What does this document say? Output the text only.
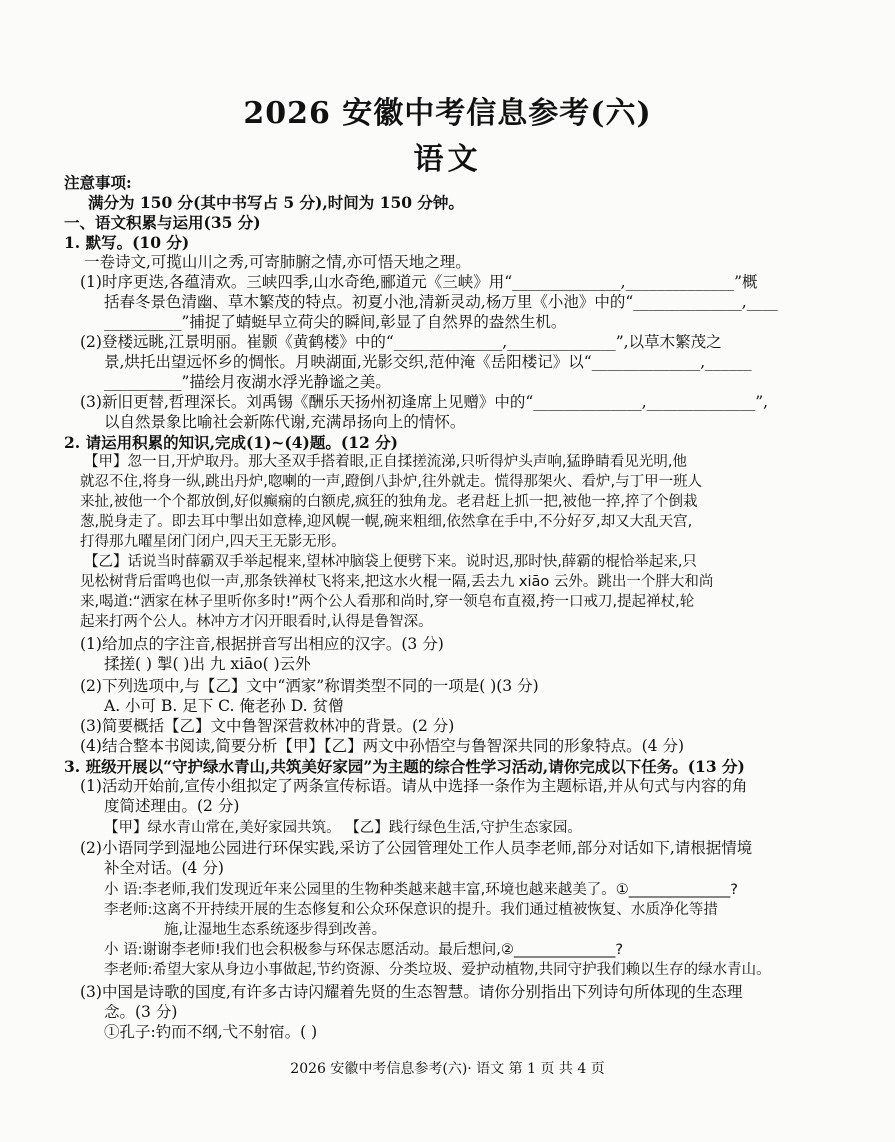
2026 安徽中考信息参考(六)
语文
注意事项:
满分为 150 分(其中书写占 5 分),时间为 150 分钟。
一、语文积累与运用(35 分)
1. 默写。(10 分)
一卷诗文,可揽山川之秀,可寄肺腑之情,亦可悟天地之理。
(1)时序更迭,各蕴清欢。三峡四季,山水奇绝,郦道元《三峡》用“______________,______________”概
括春冬景色清幽、草木繁茂的特点。初夏小池,清新灵动,杨万里《小池》中的“______________,____
__________”捕捉了蜻蜓早立荷尖的瞬间,彰显了自然界的盎然生机。
(2)登楼远眺,江景明丽。崔颢《黄鹤楼》中的“______________,______________”,以草木繁茂之
景,烘托出望远怀乡的惆怅。月映湖面,光影交织,范仲淹《岳阳楼记》以“______________,______
__________”描绘月夜湖水浮光静谧之美。
(3)新旧更替,哲理深长。刘禹锡《酬乐天扬州初逢席上见赠》中的“______________,______________”,
以自然景象比喻社会新陈代谢,充满昂扬向上的情怀。
2. 请运用积累的知识,完成(1)~(4)题。(12 分)
【甲】忽一日,开炉取丹。那大圣双手搭着眼,正自揉搓流涕,只听得炉头声响,猛睁睛看见光明,他
就忍不住,将身一纵,跳出丹炉,唿喇的一声,蹬倒八卦炉,往外就走。慌得那架火、看炉,与丁甲一班人
来扯,被他一个个都放倒,好似癫痫的白额虎,疯狂的独角龙。老君赶上抓一把,被他一捽,捽了个倒栽
葱,脱身走了。即去耳中掣出如意棒,迎风幌一幌,碗来粗细,依然拿在手中,不分好歹,却又大乱天宫,
打得那九曜星闭门闭户,四天王无影无形。
【乙】话说当时薛霸双手举起棍来,望林冲脑袋上便劈下来。说时迟,那时快,薛霸的棍恰举起来,只
见松树背后雷鸣也似一声,那条铁禅杖飞将来,把这水火棍一隔,丢去九 xiāo 云外。跳出一个胖大和尚
来,喝道:“洒家在林子里听你多时!”两个公人看那和尚时,穿一领皂布直裰,挎一口戒刀,提起禅杖,轮
起来打两个公人。林冲方才闪开眼看时,认得是鲁智深。
(1)给加点的字注音,根据拼音写出相应的汉字。(3 分)
揉搓( ) 掣( )出 九 xiāo( )云外
(2)下列选项中,与【乙】文中“洒家”称谓类型不同的一项是( )(3 分)
A. 小可 B. 足下 C. 俺老孙 D. 贫僧
(3)简要概括【乙】文中鲁智深营救林冲的背景。(2 分)
(4)结合整本书阅读,简要分析【甲】【乙】两文中孙悟空与鲁智深共同的形象特点。(4 分)
3. 班级开展以“守护绿水青山,共筑美好家园”为主题的综合性学习活动,请你完成以下任务。(13 分)
(1)活动开始前,宣传小组拟定了两条宣传标语。请从中选择一条作为主题标语,并从句式与内容的角
度简述理由。(2 分)
【甲】绿水青山常在,美好家园共筑。 【乙】践行绿色生活,守护生态家园。
(2)小语同学到湿地公园进行环保实践,采访了公园管理处工作人员李老师,部分对话如下,请根据情境
补全对话。(4 分)
小 语:李老师,我们发现近年来公园里的生物种类越来越丰富,环境也越来越美了。①______________?
李老师:这离不开持续开展的生态修复和公众环保意识的提升。我们通过植被恢复、水质净化等措
施,让湿地生态系统逐步得到改善。
小 语:谢谢李老师!我们也会积极参与环保志愿活动。最后想问,②______________?
李老师:希望大家从身边小事做起,节约资源、分类垃圾、爱护动植物,共同守护我们赖以生存的绿水青山。
(3)中国是诗歌的国度,有许多古诗闪耀着先贤的生态智慧。请你分别指出下列诗句所体现的生态理
念。(3 分)
①孔子:钓而不纲,弋不射宿。( )
2026 安徽中考信息参考(六)· 语文 第 1 页 共 4 页
